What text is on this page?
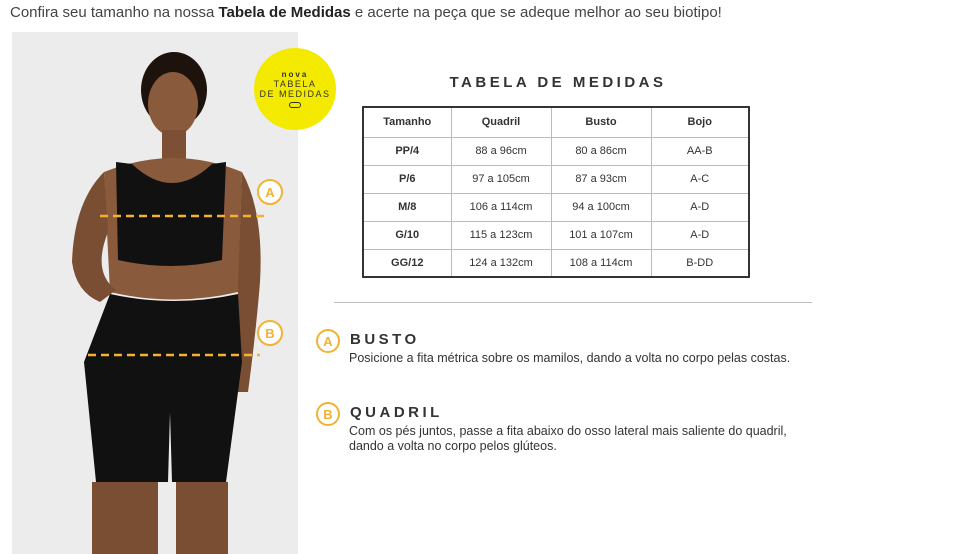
Confira seu tamanho na nossa Tabela de Medidas e acerte na peça que se adeque melhor ao seu biotipo!
nova
TABELA
DE MEDIDAS
A
B
TABELA DE MEDIDAS
Tamanho	Quadril	Busto	Bojo
PP/4	88 a 96cm	80 a 86cm	AA-B
P/6	97 a 105cm	87 a 93cm	A-C
M/8	106 a 114cm	94 a 100cm	A-D
G/10	115 a 123cm	101 a 107cm	A-D
GG/12	124 a 132cm	108 a 114cm	B-DD
A	BUSTO
Posicione a fita métrica sobre os mamilos, dando a volta no corpo pelas costas.
B	QUADRIL
Com os pés juntos, passe a fita abaixo do osso lateral mais saliente do quadril, dando a volta no corpo pelos glúteos.
